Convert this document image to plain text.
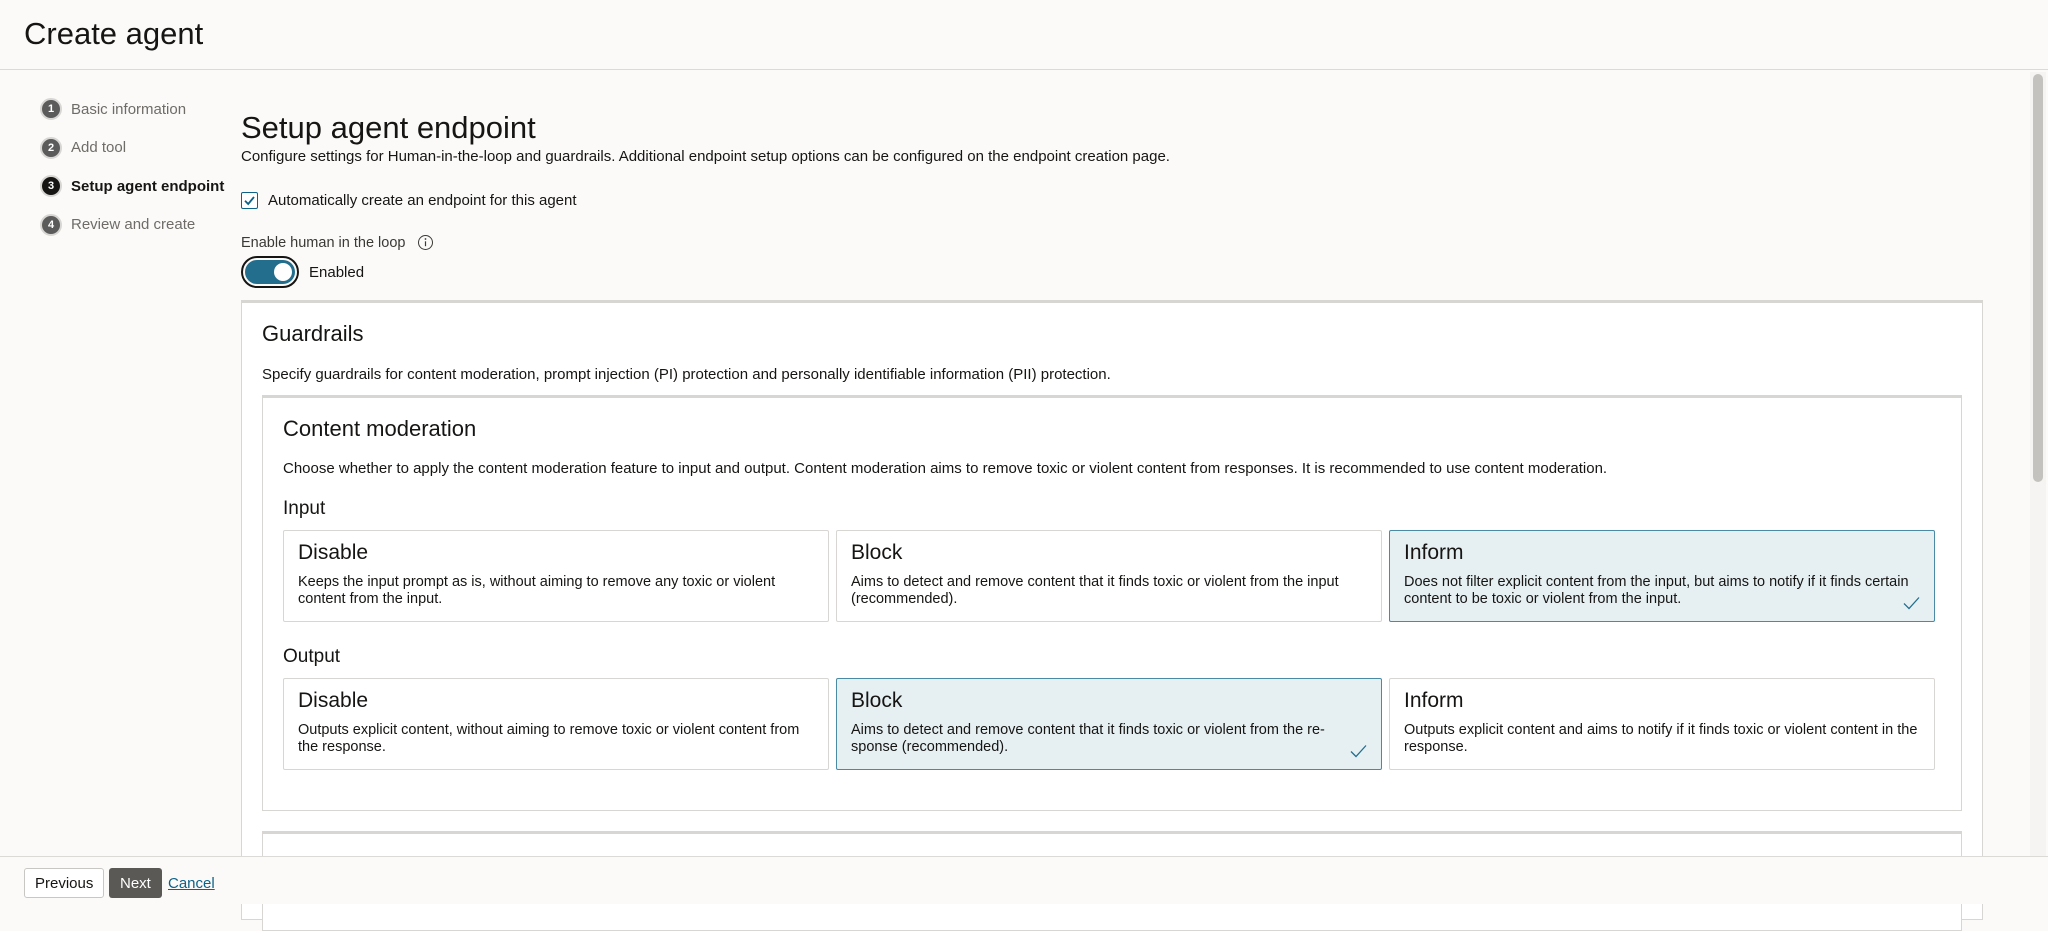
Create agent
1	Basic information
2	Add tool
3	Setup agent endpoint
4	Review and create
Setup agent endpoint

Configure settings for Human-in-the-loop and guardrails. Additional endpoint setup options can be configured on the endpoint creation page.

Automatically create an endpoint for this agent
Enable human in the loop
Enabled
Guardrails

Specify guardrails for content moderation, prompt injection (PI) protection and personally identifiable information (PII) protection.

Content moderation

Choose whether to apply the content moderation feature to input and output. Content moderation aims to remove toxic or violent content from responses. It is recommended to use content moderation.

Input
Disable
Keeps the input prompt as is, without aiming to remove any toxic or violent content from the input.
Block
Aims to detect and remove content that it finds toxic or violent from the input (recommended).
Inform
Does not filter explicit content from the input, but aims to notify if it finds certain content to be toxic or violent from the input.
Output
Disable
Outputs explicit content, without aiming to remove toxic or violent content from the response.
Block
Aims to detect and remove content that it finds toxic or violent from the re- sponse (recommended).
Inform
Outputs explicit content and aims to notify if it finds toxic or violent content in the response.
Previous	Next	Cancel
